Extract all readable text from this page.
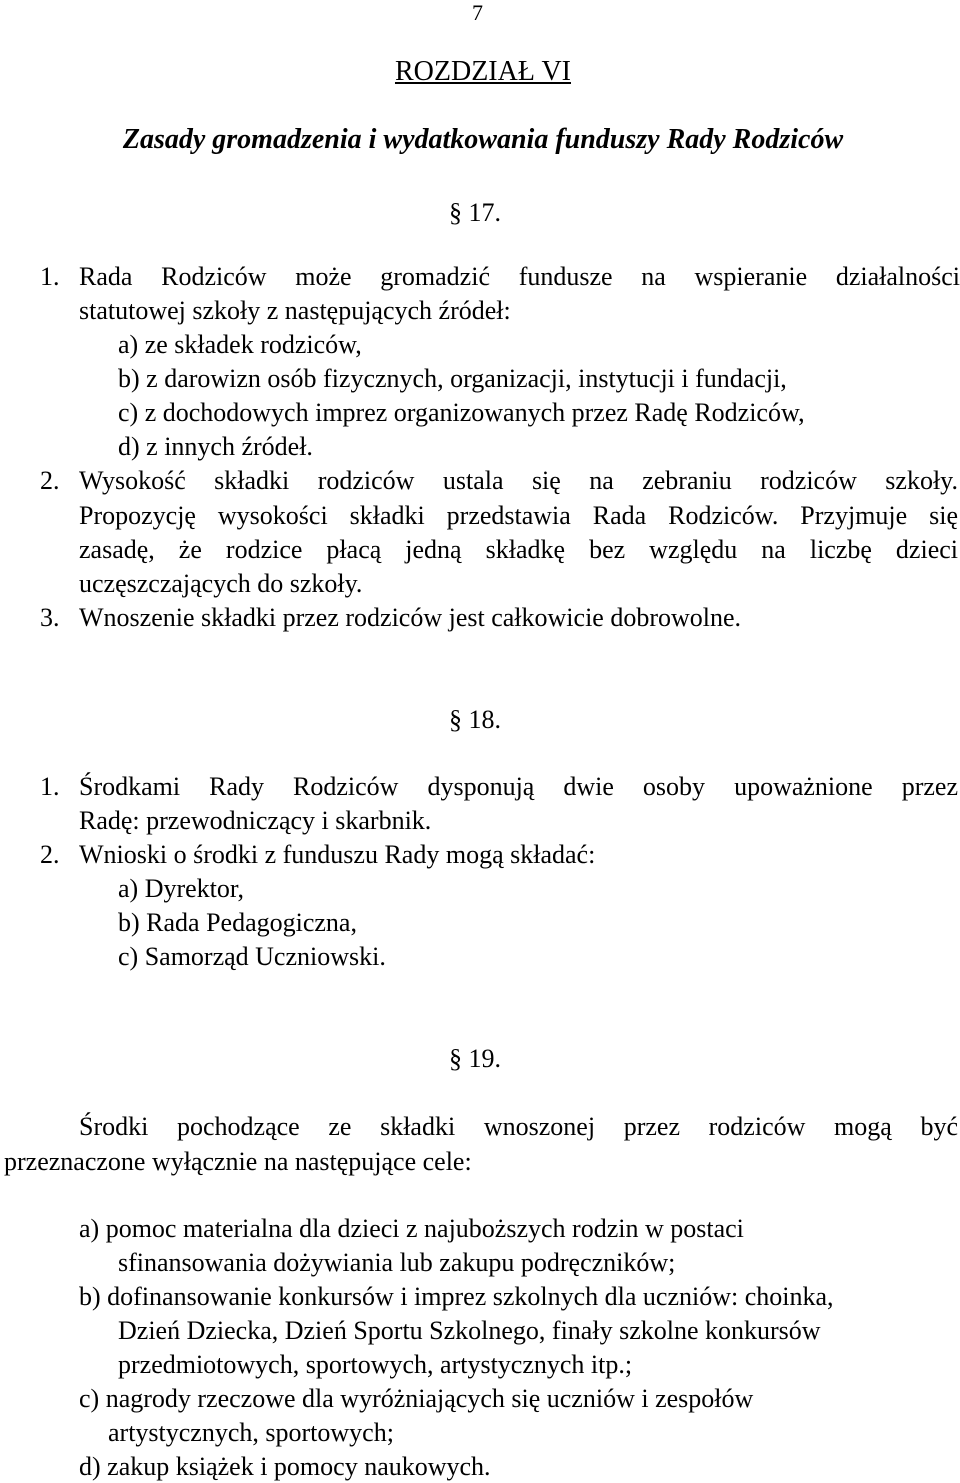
7
ROZDZIAŁ VI
Zasady gromadzenia i wydatkowania funduszy Rady Rodziców
§ 17.
1. Rada Rodziców może gromadzić fundusze na wspieranie działalności
statutowej szkoły z następujących źródeł:
a) ze składek rodziców,
b) z darowizn osób fizycznych, organizacji, instytucji i fundacji,
c) z dochodowych imprez organizowanych przez Radę Rodziców,
d) z innych źródeł.
2. Wysokość składki rodziców ustala się na zebraniu rodziców szkoły.
Propozycję wysokości składki przedstawia Rada Rodziców. Przyjmuje się
zasadę, że rodzice płacą jedną składkę bez względu na liczbę dzieci
uczęszczających do szkoły.
3. Wnoszenie składki przez rodziców jest całkowicie dobrowolne.
§ 18.
1. Środkami Rady Rodziców dysponują dwie osoby upoważnione przez
Radę: przewodniczący i skarbnik.
2. Wnioski o środki z funduszu Rady mogą składać:
a) Dyrektor,
b) Rada Pedagogiczna,
c) Samorząd Uczniowski.
§ 19.
Środki pochodzące ze składki wnoszonej przez rodziców mogą być
przeznaczone wyłącznie na następujące cele:
a) pomoc materialna dla dzieci z najuboższych rodzin w postaci
sfinansowania dożywiania lub zakupu podręczników;
b) dofinansowanie konkursów i imprez szkolnych dla uczniów: choinka,
Dzień Dziecka, Dzień Sportu Szkolnego, finały szkolne konkursów
przedmiotowych, sportowych, artystycznych itp.;
c) nagrody rzeczowe dla wyróżniających się uczniów i zespołów
artystycznych, sportowych;
d) zakup książek i pomocy naukowych.
